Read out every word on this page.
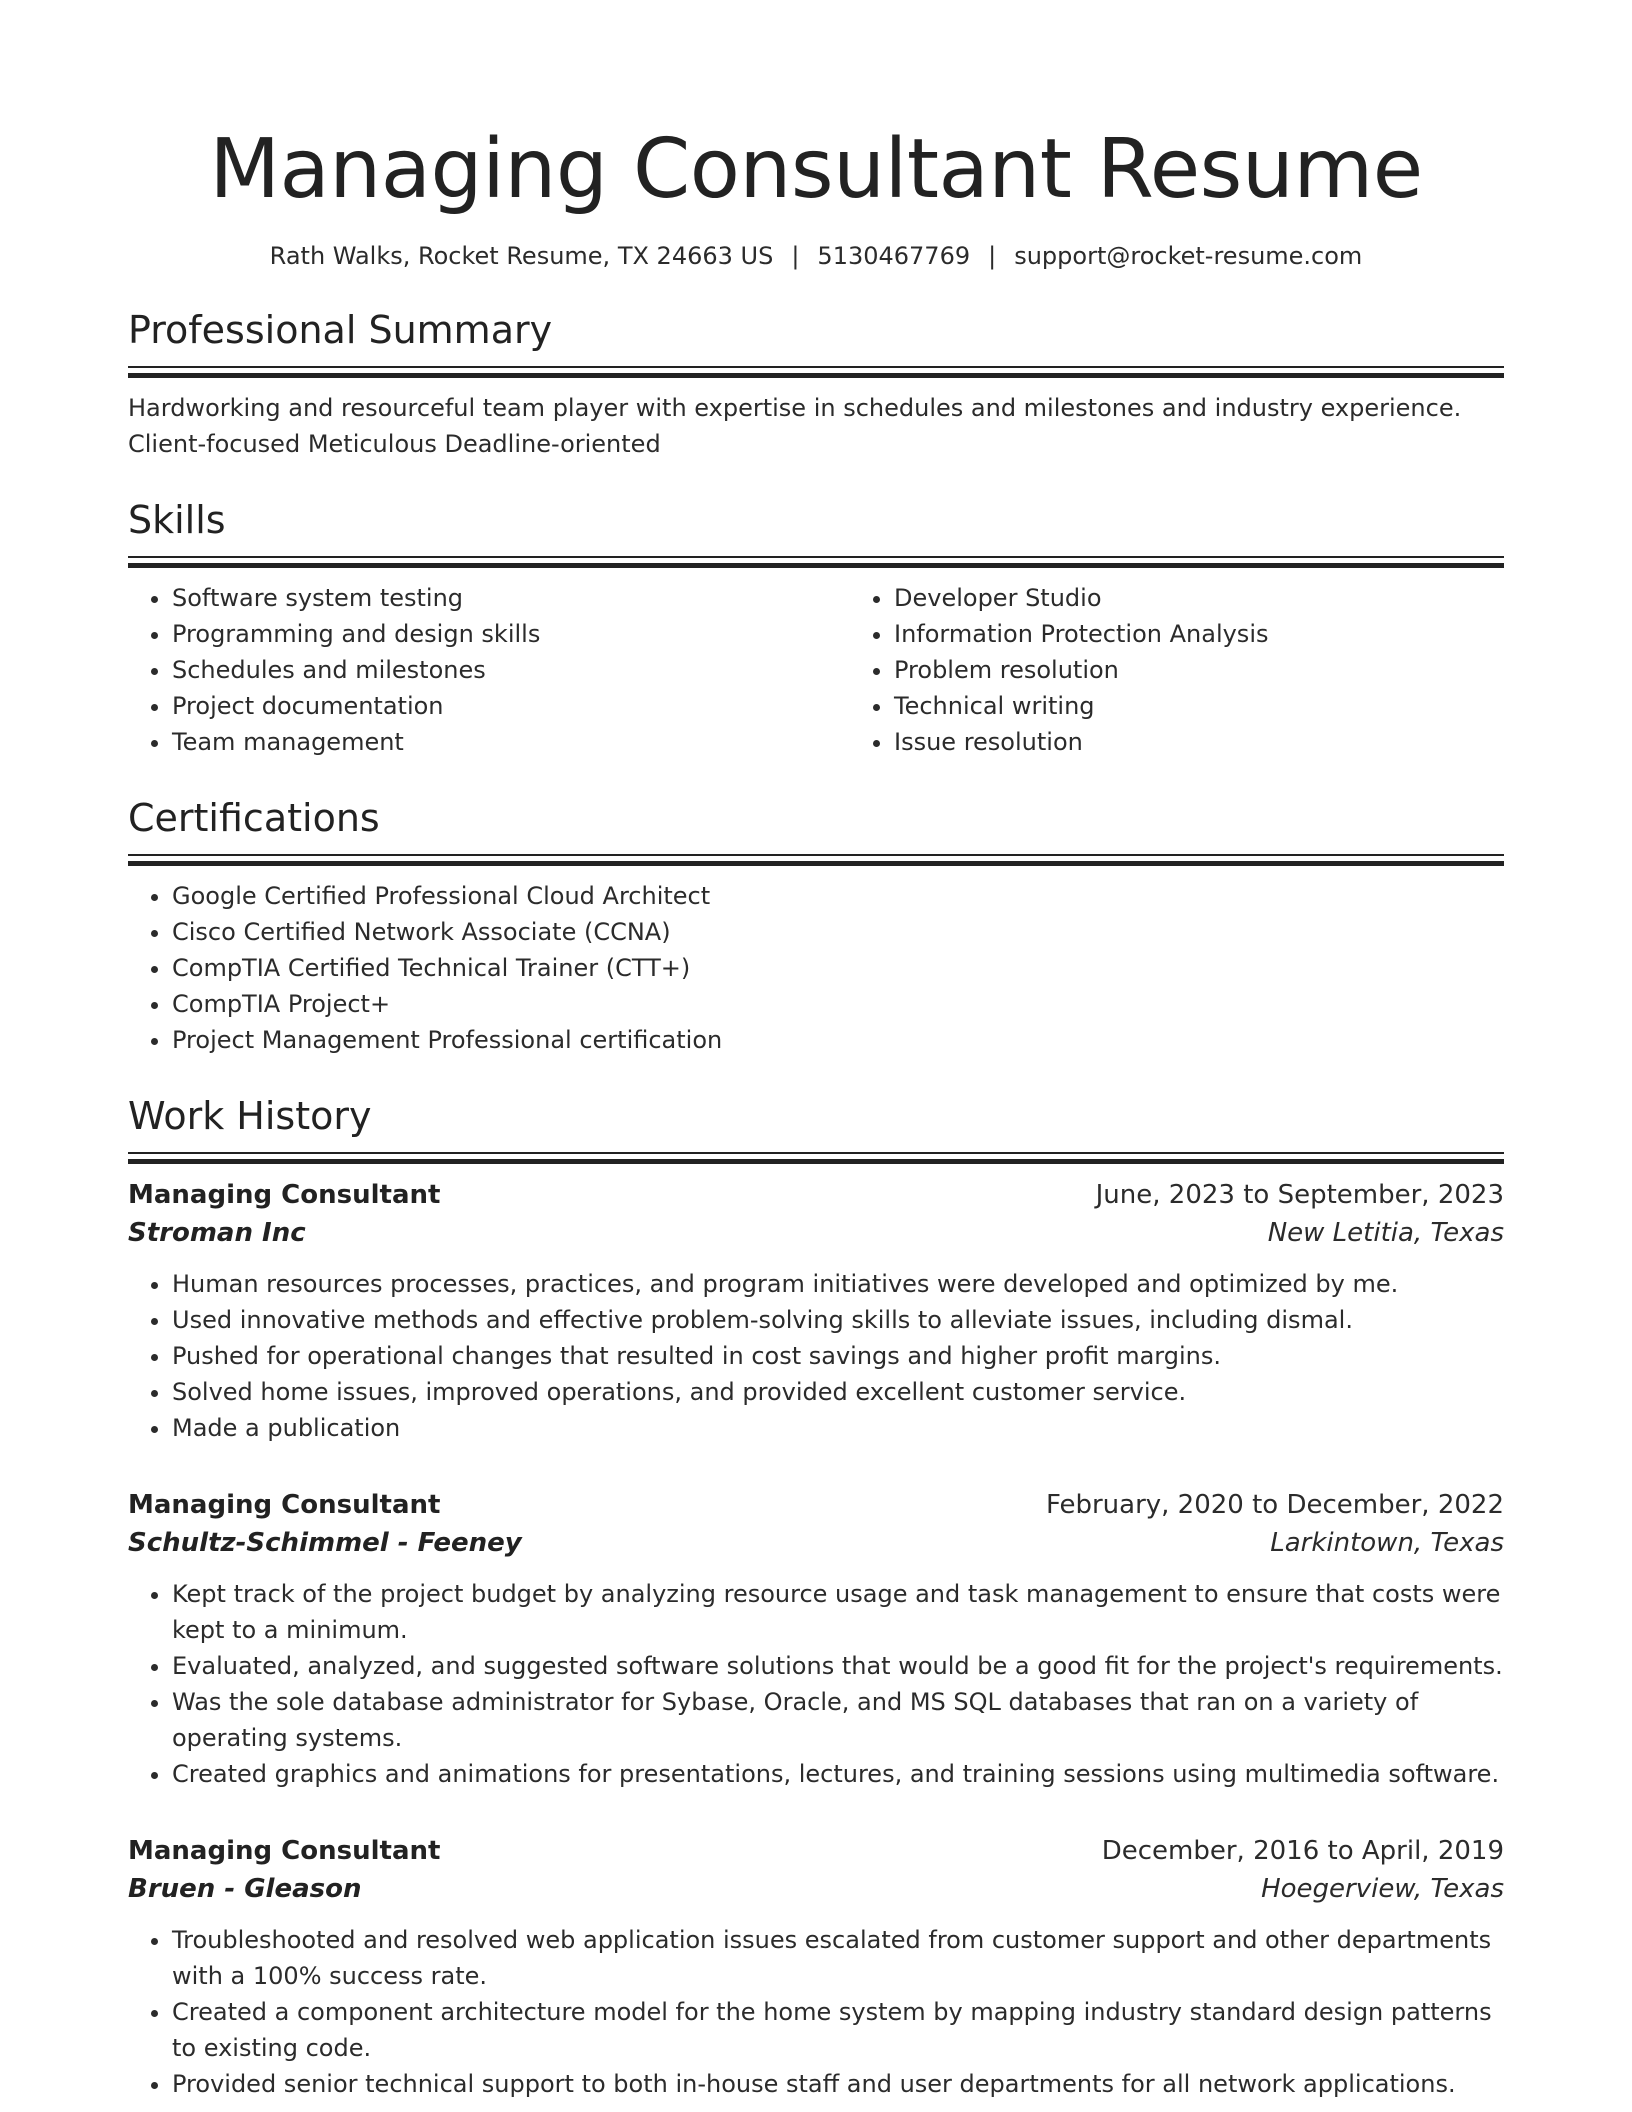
Managing Consultant Resume
Rath Walks, Rocket Resume, TX 24663 US | 5130467769 | support@rocket-resume.com
Professional Summary

Hardworking and resourceful team player with expertise in schedules and milestones and industry experience. Client-focused Meticulous Deadline-oriented

Skills
• Software system testing
• Programming and design skills
• Schedules and milestones
• Project documentation
• Team management
• Developer Studio
• Information Protection Analysis
• Problem resolution
• Technical writing
• Issue resolution
Certifications
• Google Certified Professional Cloud Architect
• Cisco Certified Network Associate (CCNA)
• CompTIA Certified Technical Trainer (CTT+)
• CompTIA Project+
• Project Management Professional certification
Work History
Managing Consultant	June, 2023 to September, 2023
Stroman Inc	New Letitia, Texas
• Human resources processes, practices, and program initiatives were developed and optimized by me.
• Used innovative methods and effective problem-solving skills to alleviate issues, including dismal.
• Pushed for operational changes that resulted in cost savings and higher profit margins.
• Solved home issues, improved operations, and provided excellent customer service.
• Made a publication
Managing Consultant	February, 2020 to December, 2022
Schultz-Schimmel - Feeney	Larkintown, Texas
• Kept track of the project budget by analyzing resource usage and task management to ensure that costs were kept to a minimum.
• Evaluated, analyzed, and suggested software solutions that would be a good fit for the project's requirements.
• Was the sole database administrator for Sybase, Oracle, and MS SQL databases that ran on a variety of operating systems.
• Created graphics and animations for presentations, lectures, and training sessions using multimedia software.
Managing Consultant	December, 2016 to April, 2019
Bruen - Gleason	Hoegerview, Texas
• Troubleshooted and resolved web application issues escalated from customer support and other departments with a 100% success rate.
• Created a component architecture model for the home system by mapping industry standard design patterns to existing code.
• Provided senior technical support to both in-house staff and user departments for all network applications.
